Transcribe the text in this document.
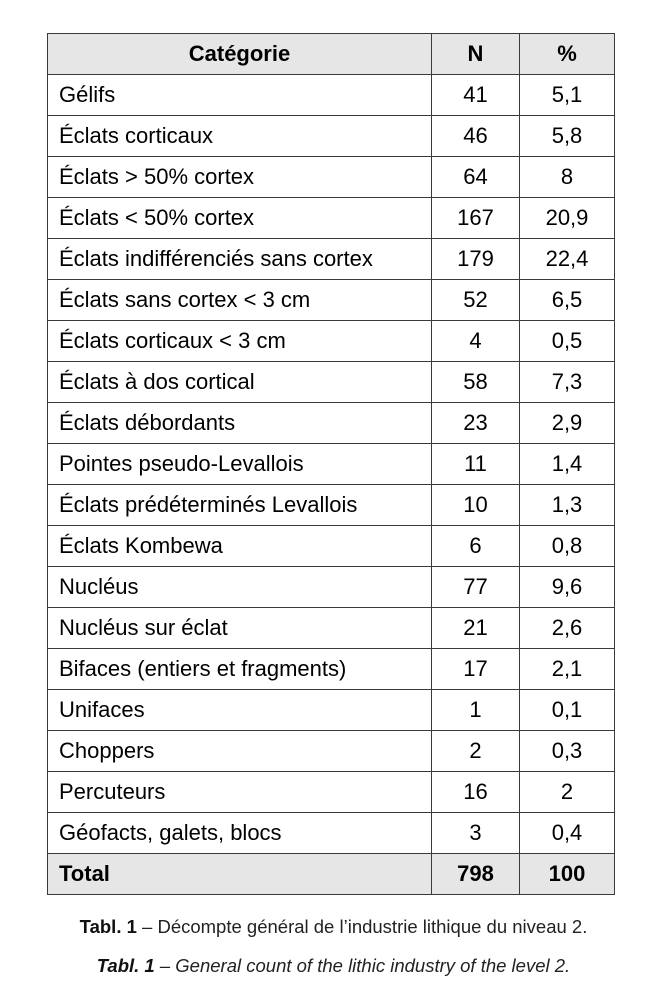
Catégorie	N	%
Gélifs	41	5,1
Éclats corticaux	46	5,8
Éclats > 50% cortex	64	8
Éclats < 50% cortex	167	20,9
Éclats indifférenciés sans cortex	179	22,4
Éclats sans cortex < 3 cm	52	6,5
Éclats corticaux < 3 cm	4	0,5
Éclats à dos cortical	58	7,3
Éclats débordants	23	2,9
Pointes pseudo-Levallois	11	1,4
Éclats prédéterminés Levallois	10	1,3
Éclats Kombewa	6	0,8
Nucléus	77	9,6
Nucléus sur éclat	21	2,6
Bifaces (entiers et fragments)	17	2,1
Unifaces	1	0,1
Choppers	2	0,3
Percuteurs	16	2
Géofacts, galets, blocs	3	0,4
Total	798	100
Tabl. 1 – Décompte général de l’industrie lithique du niveau 2.
Tabl. 1 – General count of the lithic industry of the level 2.
